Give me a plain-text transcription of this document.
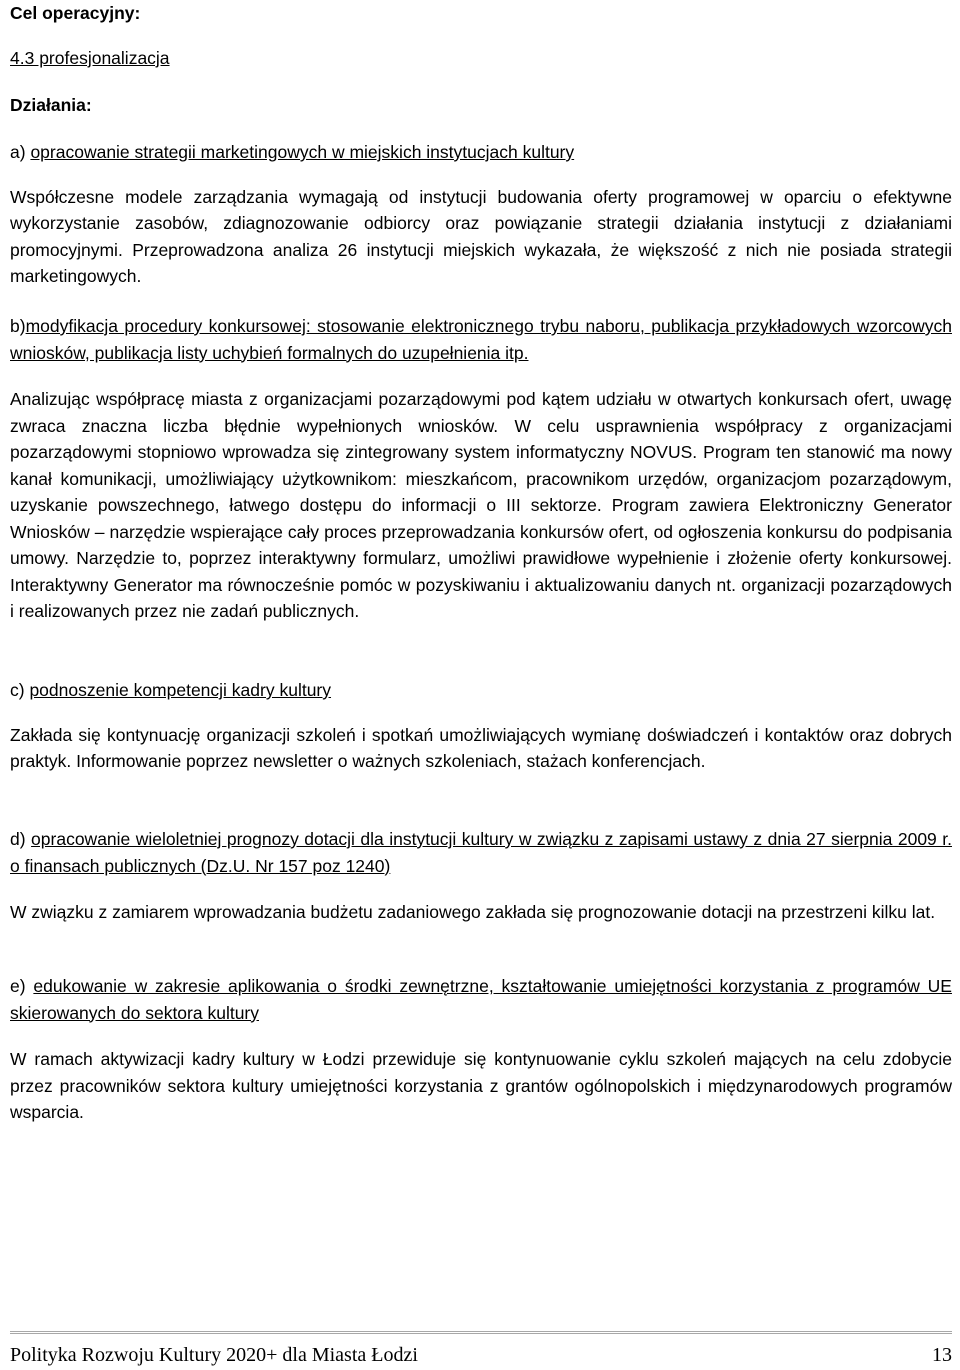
Cel operacyjny:

4.3 profesjonalizacja

Działania:

a) opracowanie strategii marketingowych w miejskich instytucjach kultury

Współczesne modele zarządzania wymagają od instytucji budowania oferty programowej w oparciu o efektywne wykorzystanie zasobów, zdiagnozowanie odbiorcy oraz powiązanie strategii działania instytucji z działaniami promocyjnymi. Przeprowadzona analiza 26 instytucji miejskich wykazała, że większość z nich nie posiada strategii marketingowych.

b)modyfikacja procedury konkursowej: stosowanie elektronicznego trybu naboru, publikacja przykładowych wzorcowych wniosków, publikacja listy uchybień formalnych do uzupełnienia itp.

Analizując współpracę miasta z organizacjami pozarządowymi pod kątem udziału w otwartych konkursach ofert, uwagę zwraca znaczna liczba błędnie wypełnionych wniosków. W celu usprawnienia współpracy z organizacjami pozarządowymi stopniowo wprowadza się zintegrowany system informatyczny NOVUS. Program ten stanowić ma nowy kanał komunikacji, umożliwiający użytkownikom: mieszkańcom, pracownikom urzędów, organizacjom pozarządowym, uzyskanie powszechnego, łatwego dostępu do informacji o III sektorze. Program zawiera Elektroniczny Generator Wniosków – narzędzie wspierające cały proces przeprowadzania konkursów ofert, od ogłoszenia konkursu do podpisania umowy. Narzędzie to, poprzez interaktywny formularz, umożliwi prawidłowe wypełnienie i złożenie oferty konkursowej. Interaktywny Generator ma równocześnie pomóc w pozyskiwaniu i aktualizowaniu danych nt. organizacji pozarządowych i realizowanych przez nie zadań publicznych.

c) podnoszenie kompetencji kadry kultury

Zakłada się kontynuację organizacji szkoleń i spotkań umożliwiających wymianę doświadczeń i kontaktów oraz dobrych praktyk. Informowanie poprzez newsletter o ważnych szkoleniach, stażach konferencjach.

d) opracowanie wieloletniej prognozy dotacji dla instytucji kultury w związku z zapisami ustawy z dnia 27 sierpnia 2009 r. o finansach publicznych (Dz.U. Nr 157 poz 1240)

W związku z zamiarem wprowadzania budżetu zadaniowego zakłada się prognozowanie dotacji na przestrzeni kilku lat.

e) edukowanie w zakresie aplikowania o środki zewnętrzne, kształtowanie umiejętności korzystania z programów UE skierowanych do sektora kultury

W ramach aktywizacji kadry kultury w Łodzi przewiduje się kontynuowanie cyklu szkoleń mających na celu zdobycie przez pracowników sektora kultury umiejętności korzystania z grantów ogólnopolskich i międzynarodowych programów wsparcia.

Polityka Rozwoju Kultury 2020+ dla Miasta Łodzi	13
